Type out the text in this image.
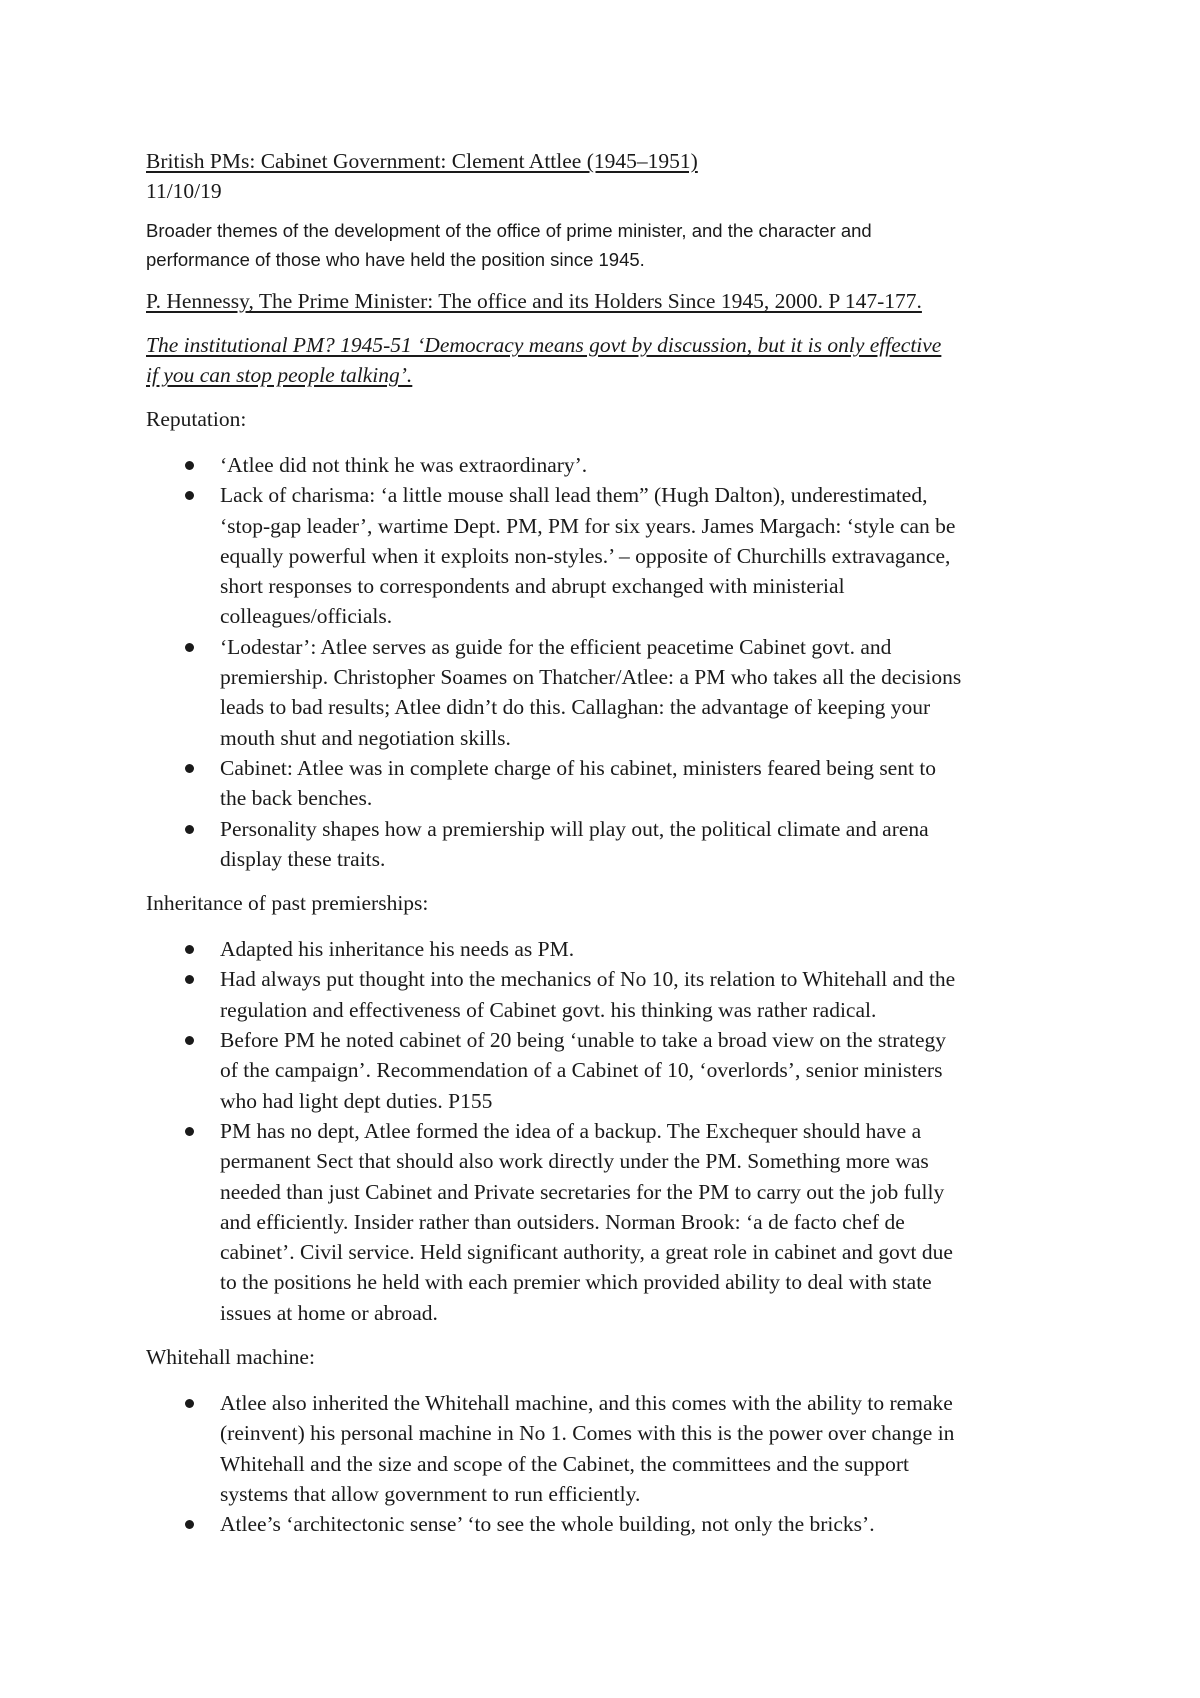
British PMs: Cabinet Government: Clement Attlee (1945–1951)

11/10/19

Broader themes of the development of the office of prime minister, and the character and
performance of those who have held the position since 1945.

P. Hennessy, The Prime Minister: The office and its Holders Since 1945, 2000. P 147-177.

The institutional PM? 1945-51 ‘Democracy means govt by discussion, but it is only effective
if you can stop people talking’.

Reputation:

‘Atlee did not think he was extraordinary’.
Lack of charisma: ‘a little mouse shall lead them” (Hugh Dalton), underestimated,
‘stop-gap leader’, wartime Dept. PM, PM for six years. James Margach: ‘style can be
equally powerful when it exploits non-styles.’ – opposite of Churchills extravagance,
short responses to correspondents and abrupt exchanged with ministerial
colleagues/officials.
‘Lodestar’: Atlee serves as guide for the efficient peacetime Cabinet govt. and
premiership. Christopher Soames on Thatcher/Atlee: a PM who takes all the decisions
leads to bad results; Atlee didn’t do this. Callaghan: the advantage of keeping your
mouth shut and negotiation skills.
Cabinet: Atlee was in complete charge of his cabinet, ministers feared being sent to
the back benches.
Personality shapes how a premiership will play out, the political climate and arena
display these traits.

Inheritance of past premierships:

Adapted his inheritance his needs as PM.
Had always put thought into the mechanics of No 10, its relation to Whitehall and the
regulation and effectiveness of Cabinet govt. his thinking was rather radical.
Before PM he noted cabinet of 20 being ‘unable to take a broad view on the strategy
of the campaign’. Recommendation of a Cabinet of 10, ‘overlords’, senior ministers
who had light dept duties. P155
PM has no dept, Atlee formed the idea of a backup. The Exchequer should have a
permanent Sect that should also work directly under the PM. Something more was
needed than just Cabinet and Private secretaries for the PM to carry out the job fully
and efficiently. Insider rather than outsiders. Norman Brook: ‘a de facto chef de
cabinet’. Civil service. Held significant authority, a great role in cabinet and govt due
to the positions he held with each premier which provided ability to deal with state
issues at home or abroad.

Whitehall machine:

Atlee also inherited the Whitehall machine, and this comes with the ability to remake
(reinvent) his personal machine in No 1. Comes with this is the power over change in
Whitehall and the size and scope of the Cabinet, the committees and the support
systems that allow government to run efficiently.
Atlee’s ‘architectonic sense’ ‘to see the whole building, not only the bricks’.
